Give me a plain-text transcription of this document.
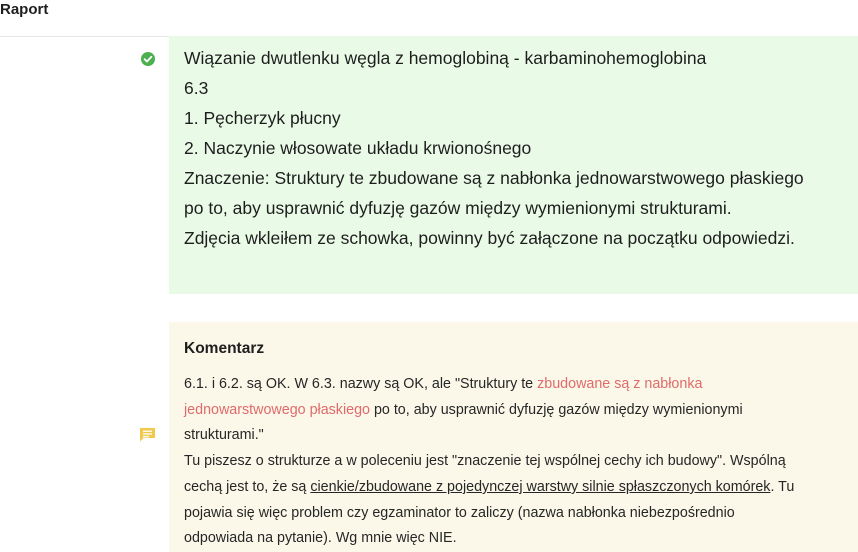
Raport
Wiązanie dwutlenku węgla z hemoglobiną - karbaminohemoglobina
6.3
1. Pęcherzyk płucny
2. Naczynie włosowate układu krwionośnego
Znaczenie: Struktury te zbudowane są z nabłonka jednowarstwowego płaskiego
po to, aby usprawnić dyfuzję gazów między wymienionymi strukturami.
Zdjęcia wkleiłem ze schowka, powinny być załączone na początku odpowiedzi.
Komentarz
6.1. i 6.2. są OK. W 6.3. nazwy są OK, ale "Struktury te zbudowane są z nabłonka
jednowarstwowego płaskiego po to, aby usprawnić dyfuzję gazów między wymienionymi
strukturami."
Tu piszesz o strukturze a w poleceniu jest "znaczenie tej wspólnej cechy ich budowy". Wspólną
cechą jest to, że są cienkie/zbudowane z pojedynczej warstwy silnie spłaszczonych komórek. Tu
pojawia się więc problem czy egzaminator to zaliczy (nazwa nabłonka niebezpośrednio
odpowiada na pytanie). Wg mnie więc NIE.
